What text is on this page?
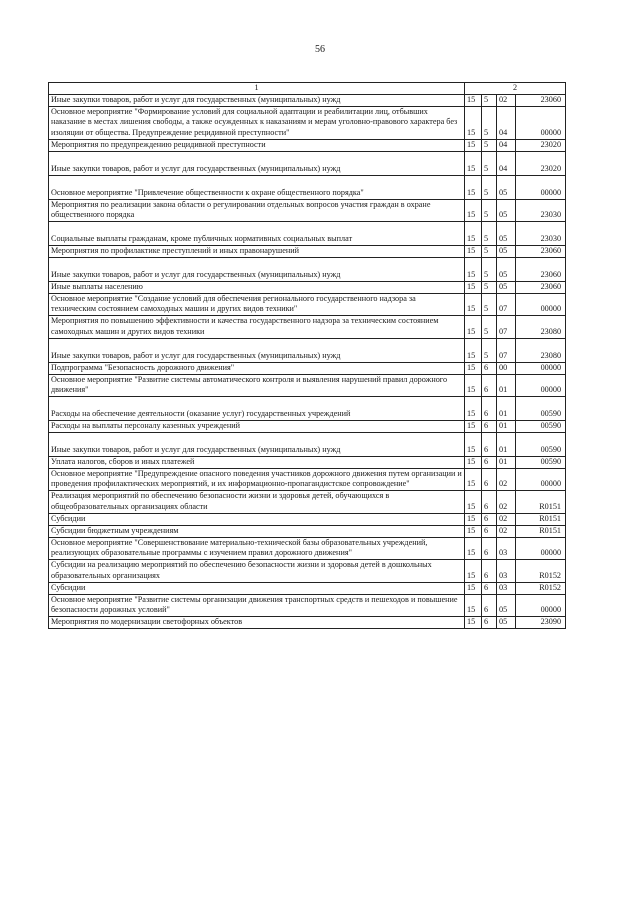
56
1	2			
Иные закупки товаров, работ и услуг для государственных (муниципальных) нужд	15	5	02	23060
Основное мероприятие "Формирование условий для социальной адаптации и реабилитации лиц, отбывших наказание в местах лишения свободы, а также осужденных к наказаниям и мерам уголовно-правового характера без изоляции от общества. Предупреждение рецидивной преступности"	15	5	04	00000
Мероприятия по предупреждению рецидивной преступности	15	5	04	23020

Иные закупки товаров, работ и услуг для государственных (муниципальных) нужд	15	5	04	23020

Основное мероприятие "Привлечение общественности к охране общественного порядка"	15	5	05	00000
Мероприятия по реализации закона области о регулировании отдельных вопросов участия граждан в охране общественного порядка	15	5	05	23030

Социальные выплаты гражданам, кроме публичных нормативных социальных выплат	15	5	05	23030
Мероприятия по профилактике преступлений и иных правонарушений	15	5	05	23060

Иные закупки товаров, работ и услуг для государственных (муниципальных) нужд	15	5	05	23060
Иные выплаты населению	15	5	05	23060
Основное мероприятие "Создание условий для обеспечения регионального государственного надзора за техническим состоянием самоходных машин и других видов техники"	15	5	07	00000
Мероприятия по повышению эффективности и качества государственного надзора за техническим состоянием самоходных машин и других видов техники	15	5	07	23080

Иные закупки товаров, работ и услуг для государственных (муниципальных) нужд	15	5	07	23080
Подпрограмма "Безопасность дорожного движения"	15	6	00	00000
Основное мероприятие "Развитие системы автоматического контроля и выявления нарушений правил дорожного движения"	15	6	01	00000

Расходы на обеспечение деятельности (оказание услуг) государственных учреждений	15	6	01	00590
Расходы на выплаты персоналу казенных учреждений	15	6	01	00590

Иные закупки товаров, работ и услуг для государственных (муниципальных) нужд	15	6	01	00590
Уплата налогов, сборов и иных платежей	15	6	01	00590
Основное мероприятие "Предупреждение опасного поведения участников дорожного движения путем организации и проведения профилактических мероприятий, и их информационно-пропагандистское сопровождение"	15	6	02	00000
Реализация мероприятий по обеспечению безопасности жизни и здоровья детей, обучающихся в общеобразовательных организациях области	15	6	02	R0151
Субсидии	15	6	02	R0151
Субсидии бюджетным учреждениям	15	6	02	R0151
Основное мероприятие "Совершенствование материально-технической базы образовательных учреждений, реализующих образовательные программы с изучением правил дорожного движения"	15	6	03	00000
Субсидии на реализацию мероприятий по обеспечению безопасности жизни и здоровья детей в дошкольных образовательных организациях	15	6	03	R0152
Субсидии	15	6	03	R0152
Основное мероприятие "Развитие системы организации движения транспортных средств и пешеходов и повышение безопасности дорожных условий"	15	6	05	00000
Мероприятия по модернизации светофорных объектов	15	6	05	23090
